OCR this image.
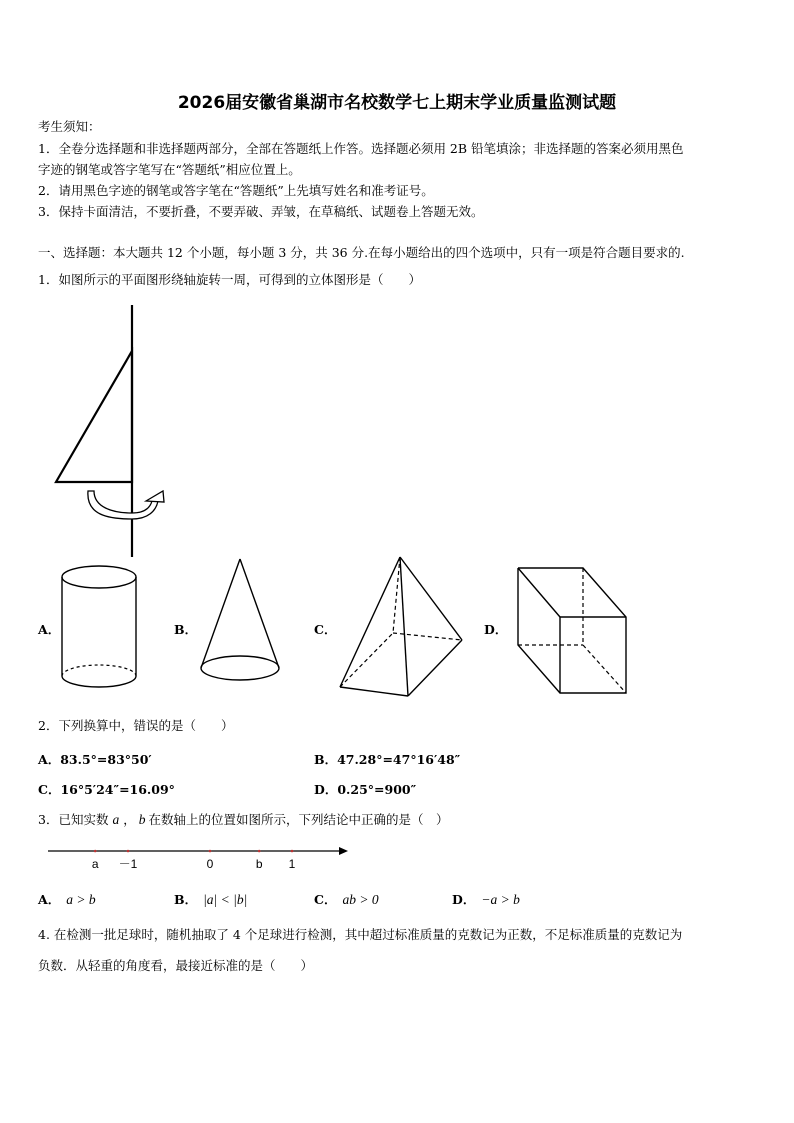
2026届安徽省巢湖市名校数学七上期末学业质量监测试题
考生须知：
1．全卷分选择题和非选择题两部分，全部在答题纸上作答。选择题必须用 2B 铅笔填涂；非选择题的答案必须用黑色
字迹的钢笔或答字笔写在“答题纸”相应位置上。
2．请用黑色字迹的钢笔或答字笔在“答题纸”上先填写姓名和准考证号。
3．保持卡面清洁，不要折叠，不要弄破、弄皱，在草稿纸、试题卷上答题无效。
一、选择题：本大题共 12 个小题，每小题 3 分，共 36 分.在每小题给出的四个选项中，只有一项是符合题目要求的.
1．如图所示的平面图形绕轴旋转一周，可得到的立体图形是（　　）
A．	B．	C．	D．
2．下列换算中，错误的是（　　）
A．83.5°=83°50′	B．47.28°=47°16′48″
C．16°5′24″=16.09°	D．0.25°=900″
3．已知实数 a ， b 在数轴上的位置如图所示，下列结论中正确的是（　）
a －1	0	b 1
A． a > b	B． |a| < |b|	C． ab > 0	D． −a > b
4. 在检测一批足球时，随机抽取了 4 个足球进行检测，其中超过标准质量的克数记为正数，不足标准质量的克数记为
负数．从轻重的角度看，最接近标准的是（　　）
